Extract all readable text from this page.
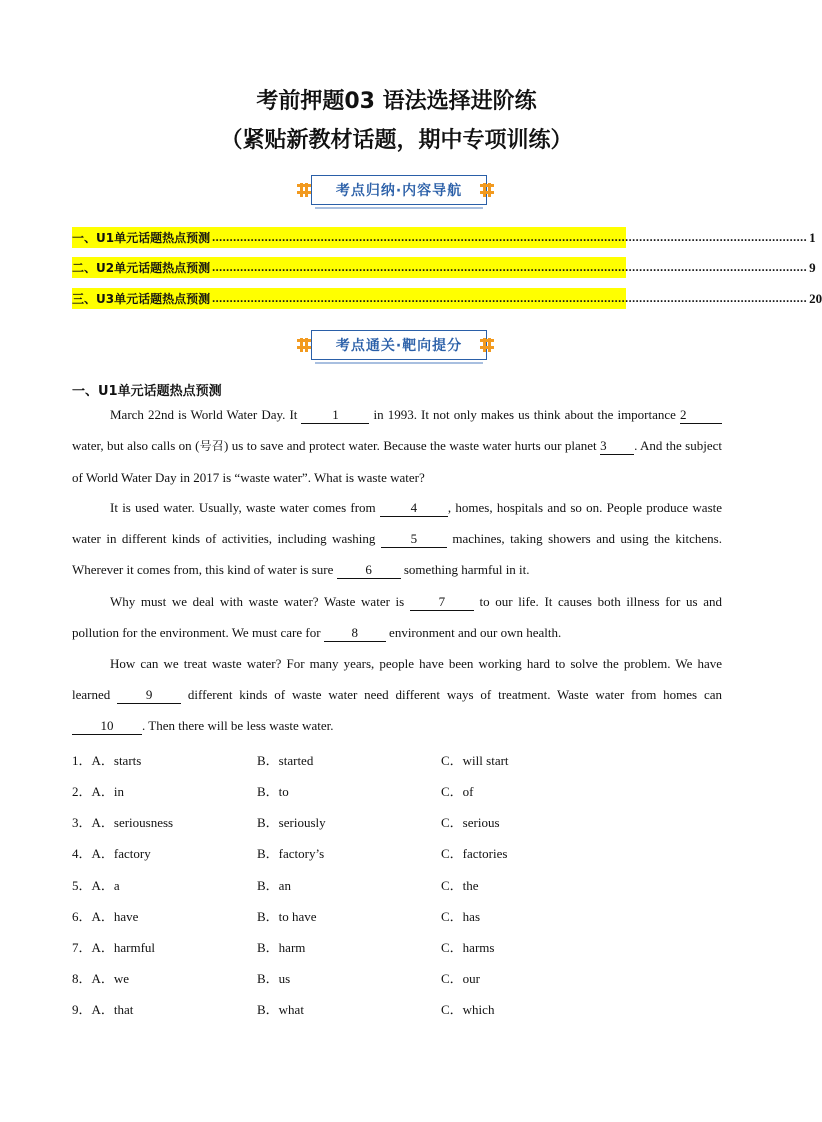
考前押题03 语法选择进阶练
（紧贴新教材话题，期中专项训练）
考点归纳·内容导航
一、U1单元话题热点预测 .......................................................................................................................................................................... 1
二、U2单元话题热点预测 .......................................................................................................................................................................... 9
三、U3单元话题热点预测 .......................................................................................................................................................................... 20
考点通关·靶向提分
一、U1单元话题热点预测
March 22nd is World Water Day. It 1 in 1993. It not only makes us think about the importance 2 water, but also calls on (号召) us to save and protect water. Because the waste water hurts our planet 3 . And the subject of World Water Day in 2017 is “waste water”. What is waste water?
It is used water. Usually, waste water comes from 4 , homes, hospitals and so on. People produce waste water in different kinds of activities, including washing 5 machines, taking showers and using the kitchens. Wherever it comes from, this kind of water is sure 6 something harmful in it.
Why must we deal with waste water? Waste water is 7 to our life. It causes both illness for us and pollution for the environment. We must care for 8 environment and our own health.
How can we treat waste water? For many years, people have been working hard to solve the problem. We have learned 9 different kinds of waste water need different ways of treatment. Waste water from homes can 10 . Then there will be less waste water.
1．A．starts	B．started	C．will start
2．A．in	B．to	C．of
3．A．seriousness	B．seriously	C．serious
4．A．factory	B．factory’s	C．factories
5．A．a	B．an	C．the
6．A．have	B．to have	C．has
7．A．harmful	B．harm	C．harms
8．A．we	B．us	C．our
9．A．that	B．what	C．which
